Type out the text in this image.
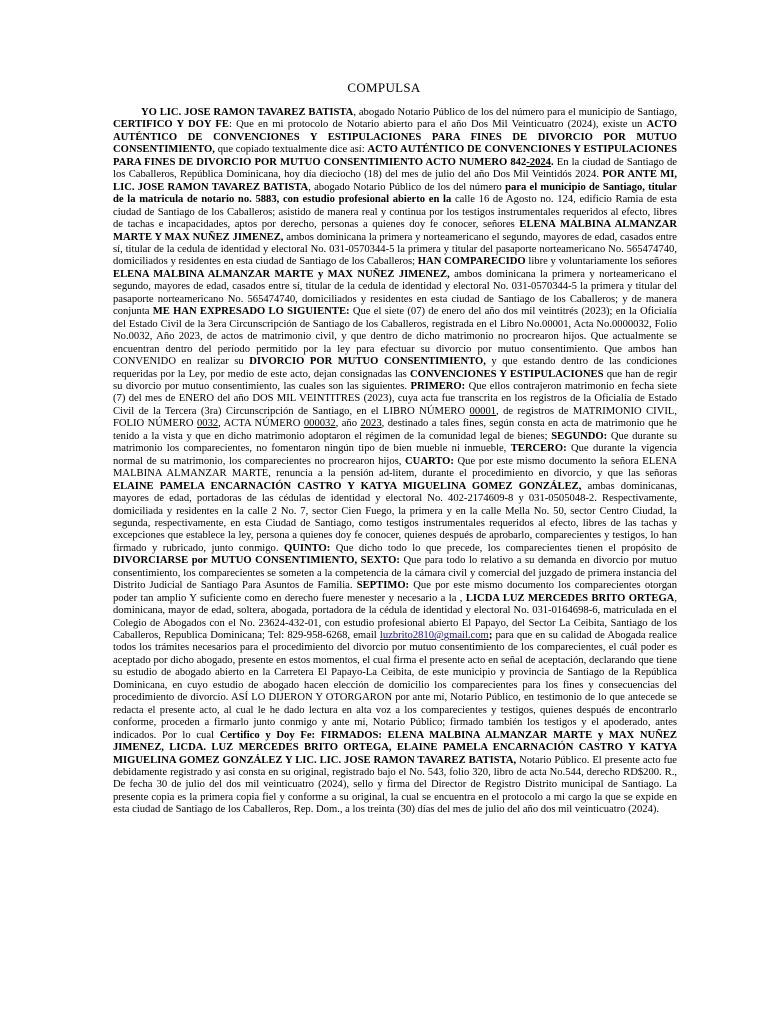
COMPULSA

YO LIC. JOSE RAMON TAVAREZ BATISTA, abogado Notario Público de los del número para el municipio de Santiago, CERTIFICO Y DOY FE: Que en mi protocolo de Notario abierto para el año Dos Mil Veinticuatro (2024), existe un ACTO AUTÉNTICO DE CONVENCIONES Y ESTIPULACIONES PARA FINES DE DIVORCIO POR MUTUO CONSENTIMIENTO, que copiado textualmente dice así: ACTO AUTÉNTICO DE CONVENCIONES Y ESTIPULACIONES PARA FINES DE DIVORCIO POR MUTUO CONSENTIMIENTO ACTO NUMERO 842-2024. En la ciudad de Santiago de los Caballeros, República Dominicana, hoy día dieciocho (18) del mes de julio del año Dos Mil Veintidós 2024. POR ANTE MI, LIC. JOSE RAMON TAVAREZ BATISTA, abogado Notario Público de los del número para el municipio de Santiago, titular de la matricula de notario no. 5883, con estudio profesional abierto en la calle 16 de Agosto no. 124, edificio Ramia de esta ciudad de Santiago de los Caballeros; asistido de manera real y continua por los testigos instrumentales requeridos al efecto, libres de tachas e incapacidades, aptos por derecho, personas a quienes doy fe conocer, señores ELENA MALBINA ALMANZAR MARTE Y MAX NUÑEZ JIMENEZ, ambos dominicana la primera y norteamericano el segundo, mayores de edad, casados entre sí, titular de la cedula de identidad y electoral No. 031-0570344-5 la primera y titular del pasaporte norteamericano No. 565474740, domiciliados y residentes en esta ciudad de Santiago de los Caballeros; HAN COMPARECIDO libre y voluntariamente los señores ELENA MALBINA ALMANZAR MARTE y MAX NUÑEZ JIMENEZ, ambos dominicana la primera y norteamericano el segundo, mayores de edad, casados entre sí, titular de la cedula de identidad y electoral No. 031-0570344-5 la primera y titular del pasaporte norteamericano No. 565474740, domiciliados y residentes en esta ciudad de Santiago de los Caballeros; y de manera conjunta ME HAN EXPRESADO LO SIGUIENTE: Que el siete (07) de enero del año dos mil veintitrés (2023); en la Oficialía del Estado Civil de la 3era Circunscripción de Santiago de los Caballeros, registrada en el Libro No.00001, Acta No.0000032, Folio No.0032, Año 2023, de actos de matrimonio civil, y que dentro de dicho matrimonio no procrearon hijos. Que actualmente se encuentran dentro del período permitido por la ley para efectuar su divorcio por mutuo consentimiento. Que ambos han CONVENIDO en realizar su DIVORCIO POR MUTUO CONSENTIMIENTO, y que estando dentro de las condiciones requeridas por la Ley, por medio de este acto, dejan consignadas las CONVENCIONES Y ESTIPULACIONES que han de regir su divorcio por mutuo consentimiento, las cuales son las siguientes. PRIMERO: Que ellos contrajeron matrimonio en fecha siete (7) del mes de ENERO del año DOS MIL VEINTITRES (2023), cuya acta fue transcrita en los registros de la Oficialía de Estado Civil de la Tercera (3ra) Circunscripción de Santiago, en el LIBRO NÚMERO 00001, de registros de MATRIMONIO CIVIL, FOLIO NÚMERO 0032, ACTA NÚMERO 000032, año 2023, destinado a tales fines, según consta en acta de matrimonio que he tenido a la vista y que en dicho matrimonio adoptaron el régimen de la comunidad legal de bienes; SEGUNDO: Que durante su matrimonio los comparecientes, no fomentaron ningún tipo de bien mueble ni inmueble, TERCERO: Que durante la vigencia normal de su matrimonio, los comparecientes no procrearon hijos, CUARTO: Que por este mismo documento la señora ELENA MALBINA ALMANZAR MARTE, renuncia a la pensión ad-litem, durante el procedimiento en divorcio, y que las señoras ELAINE PAMELA ENCARNACIÓN CASTRO Y KATYA MIGUELINA GOMEZ GONZÁLEZ, ambas dominicanas, mayores de edad, portadoras de las cédulas de identidad y electoral No. 402-2174609-8 y 031-0505048-2. Respectivamente, domiciliada y residentes en la calle 2 No. 7, sector Cien Fuego, la primera y en la calle Mella No. 50, sector Centro Ciudad, la segunda, respectivamente, en esta Ciudad de Santiago, como testigos instrumentales requeridos al efecto, libres de las tachas y excepciones que establece la ley, persona a quienes doy fe conocer, quienes después de aprobarlo, comparecientes y testigos, lo han firmado y rubricado, junto conmigo. QUINTO: Que dicho todo lo que precede, los comparecientes tienen el propósito de DIVORCIARSE por MUTUO CONSENTIMIENTO, SEXTO: Que para todo lo relativo a su demanda en divorcio por mutuo consentimiento, los comparecientes se someten a la competencia de la cámara civil y comercial del juzgado de primera instancia del Distrito Judicial de Santiago Para Asuntos de Familia. SEPTIMO: Que por este mismo documento los comparecientes otorgan poder tan amplio Y suficiente como en derecho fuere menester y necesario a la , LICDA LUZ MERCEDES BRITO ORTEGA, dominicana, mayor de edad, soltera, abogada, portadora de la cédula de identidad y electoral No. 031-0164698-6, matriculada en el Colegio de Abogados con el No. 23624-432-01, con estudio profesional abierto El Papayo, del Sector La Ceibita, Santiago de los Caballeros, Republica Dominicana; Tel: 829-958-6268, email luzbrito2810@gmail.com; para que en su calidad de Abogada realice todos los trámites necesarios para el procedimiento del divorcio por mutuo consentimiento de los comparecientes, el cuál poder es aceptado por dicho abogado, presente en estos momentos, el cual firma el presente acto en señal de aceptación, declarando que tiene su estudio de abogado abierto en la Carretera El Papayo-La Ceibita, de este municipio y provincia de Santiago de la República Dominicana, en cuyo estudio de abogado hacen elección de domicilio los comparecientes para los fines y consecuencias del procedimiento de divorcio. ASÍ LO DIJERON Y OTORGARON por ante mí, Notario Público, en testimonio de lo que antecede se redacta el presente acto, al cual le he dado lectura en alta voz a los comparecientes y testigos, quienes después de encontrarlo conforme, proceden a firmarlo junto conmigo y ante mí, Notario Público; firmado también los testigos y el apoderado, antes indicados. Por lo cual Certifico y Doy Fe: FIRMADOS: ELENA MALBINA ALMANZAR MARTE y MAX NUÑEZ JIMENEZ, LICDA. LUZ MERCEDES BRITO ORTEGA, ELAINE PAMELA ENCARNACIÓN CASTRO Y KATYA MIGUELINA GOMEZ GONZÁLEZ Y LIC. LIC. JOSE RAMON TAVAREZ BATISTA, Notario Público. El presente acto fue debidamente registrado y asi consta en su original, registrado bajo el No. 543, folio 320, libro de acta No.544, derecho RD$200. R., De fecha 30 de julio del dos mil veinticuatro (2024), sello y firma del Director de Registro Distrito municipal de Santiago. La presente copia es la primera copia fiel y conforme a su original, la cual se encuentra en el protocolo a mi cargo la que se expide en esta ciudad de Santiago de los Caballeros, Rep. Dom., a los treinta (30) días del mes de julio del año dos mil veinticuatro (2024).
